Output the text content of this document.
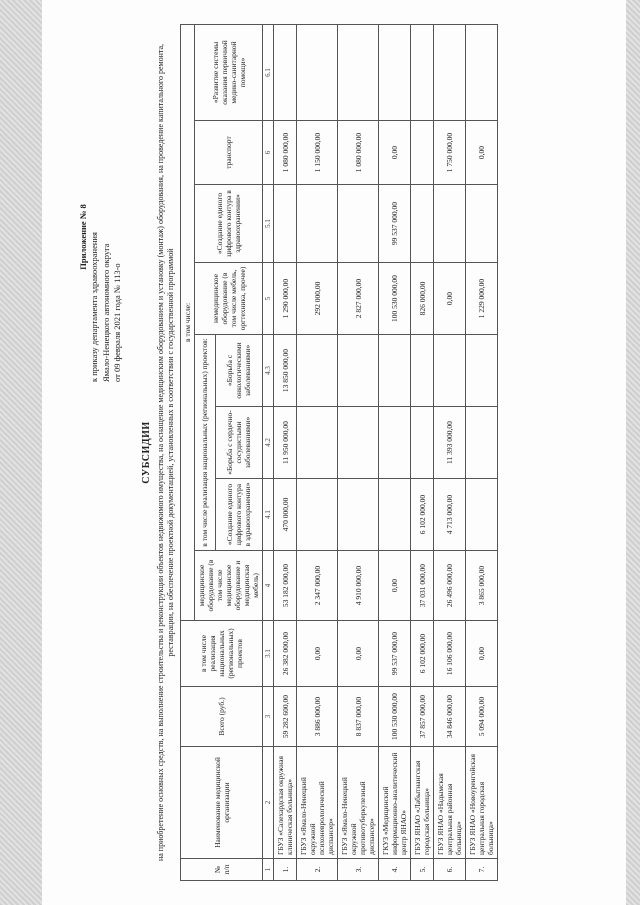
Приложение № 8 к приказу департамента здравоохранения Ямало-Ненецкого автономного округа от 09 февраля 2021 года № 113-о
СУБСИДИИ на приобретение основных средств, на выполнение строительства и реконструкции объектов недвижимого имущества, на оснащение медицинским оборудованием и установку (монтаж) оборудования, на проведение капитального ремонта, реставрации, на обеспечение проектной документацией, установленных в соответствии с государственной программой
№ п/п	Наименование медицинской организации	Всего (руб.)	в том числе реализация национальных (региональных) проектов	в том числе:							
				медицинское оборудование (в том числе медицинское оборудование и медицинская мебель)	в том числе реализация национальных (региональных) проектов:			немедицинское оборудование (в том числе мебель, оргтехника, прочее)	«Создание единого цифрового контура в здравоохранении»	транспорт	«Развитие системы оказания первичной медико-санитарной помощи»
					«Создание единого цифрового контура в здравоохранении»	«Борьба с сердечно-сосудистыми заболеваниями»	«Борьба с онкологическими заболеваниями»				
1	2	3	3.1	4	4.1	4.2	4.3	5	5.1	6	6.1
1.	ГБУЗ «Салехардская окружная клиническая больница»	59 282 600,00	26 382 000,00	53 182 000,00	470 000,00	11 950 000,00	13 850 000,00	1 290 000,00		1 080 000,00	
2.	ГБУЗ «Ямало-Ненецкий окружной психоневрологический диспансер»	3 886 000,00	0,00	2 347 000,00				292 000,00		1 150 000,00	
3.	ГБУЗ «Ямало-Ненецкий окружной противотуберкулезный диспансер»	8 837 000,00	0,00	4 910 000,00				2 827 000,00		1 080 000,00	
4.	ГКУЗ «Медицинский информационно-аналитический центр ЯНАО»	100 530 000,00	99 537 000,00	0,00				100 530 000,00	99 537 000,00	0,00	
5.	ГБУЗ ЯНАО «Лабытнангская городская больница»	37 857 000,00	6 102 000,00	37 031 000,00	6 102 000,00			826 000,00			
6.	ГБУЗ ЯНАО «Надымская центральная районная больница»	34 846 000,00	16 106 000,00	26 496 000,00	4 713 000,00	11 393 000,00		0,00		1 750 000,00	
7.	ГБУЗ ЯНАО «Новоуренгойская центральная городская больница»	5 094 000,00	0,00	3 865 000,00				1 229 000,00		0,00	
